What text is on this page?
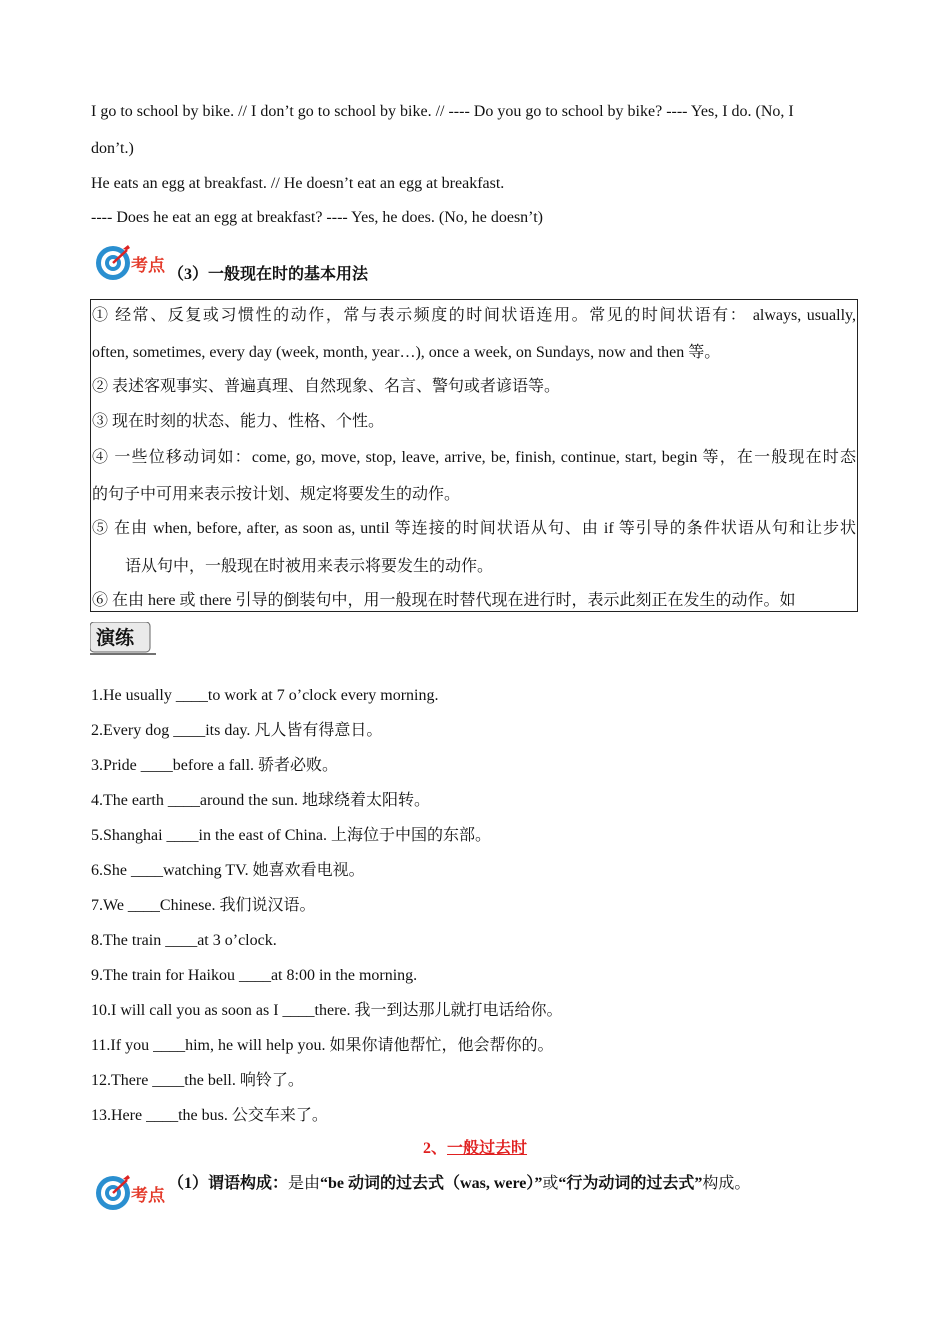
I go to school by bike. // I don’t go to school by bike. // ---- Do you go to school by bike? ---- Yes, I do. (No, I
don’t.)
He eats an egg at breakfast. // He doesn’t eat an egg at breakfast.
---- Does he eat an egg at breakfast? ---- Yes, he does. (No, he doesn’t)
考点 （3）一般现在时的基本用法
① 经常、反复或习惯性的动作，常与表示频度的时间状语连用。常见的时间状语有： always, usually,
often, sometimes, every day (week, month, year…), once a week, on Sundays, now and then 等。
② 表述客观事实、普遍真理、自然现象、名言、警句或者谚语等。
③ 现在时刻的状态、能力、性格、个性。
④ 一些位移动词如：come, go, move, stop, leave, arrive, be, finish, continue, start, begin 等，在一般现在时态
的句子中可用来表示按计划、规定将要发生的动作。
⑤ 在由 when, before, after, as soon as, until 等连接的时间状语从句、由 if 等引导的条件状语从句和让步状
语从句中，一般现在时被用来表示将要发生的动作。
⑥ 在由 here 或 there 引导的倒装句中，用一般现在时替代现在进行时，表示此刻正在发生的动作。如
演练
1.He usually ____to work at 7 o’clock every morning.
2.Every dog ____its day. 凡人皆有得意日。
3.Pride ____before a fall. 骄者必败。
4.The earth ____around the sun. 地球绕着太阳转。
5.Shanghai ____in the east of China. 上海位于中国的东部。
6.She ____watching TV. 她喜欢看电视。
7.We ____Chinese. 我们说汉语。
8.The train ____at 3 o’clock.
9.The train for Haikou ____at 8:00 in the morning.
10.I will call you as soon as I ____there. 我一到达那儿就打电话给你。
11.If you ____him, he will help you. 如果你请他帮忙，他会帮你的。
12.There ____the bell. 响铃了。
13.Here ____the bus. 公交车来了。
2、一般过去时
考点
（1）谓语构成：是由“be 动词的过去式（was, were）”或“行为动词的过去式”构成。
